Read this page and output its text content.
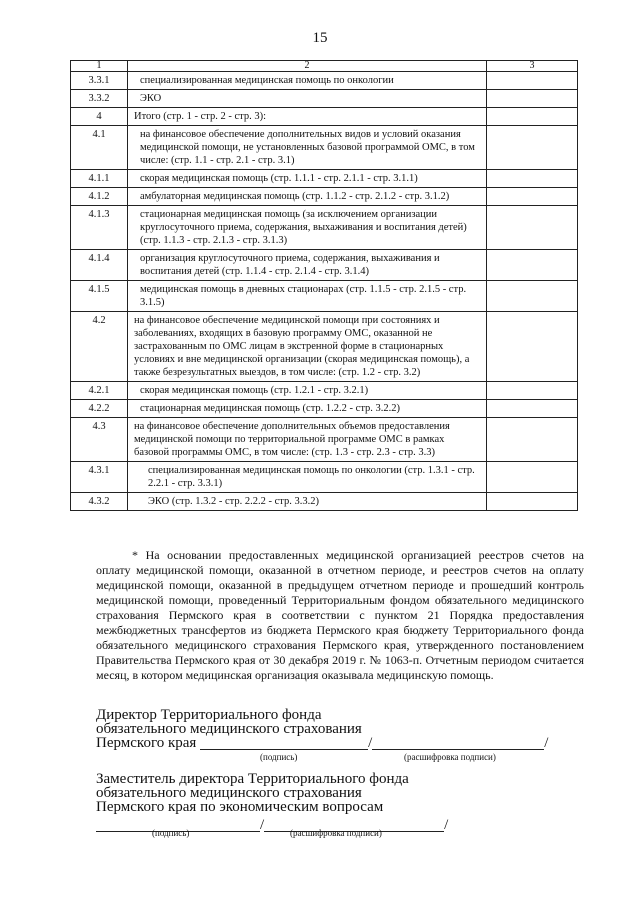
15
1	2	3
3.3.1	специализированная медицинская помощь по онкологии	
3.3.2	ЭКО	
4	Итого (стр. 1 - стр. 2 - стр. 3):	
4.1	на финансовое обеспечение дополнительных видов и условий оказания медицинской помощи, не установленных базовой программой ОМС, в том числе: (стр. 1.1 - стр. 2.1 - стр. 3.1)	
4.1.1	скорая медицинская помощь (стр. 1.1.1 - стр. 2.1.1 - стр. 3.1.1)	
4.1.2	амбулаторная медицинская помощь (стр. 1.1.2 - стр. 2.1.2 - стр. 3.1.2)	
4.1.3	стационарная медицинская помощь (за исключением организации круглосуточного приема, содержания, выхаживания и воспитания детей) (стр. 1.1.3 - стр. 2.1.3 - стр. 3.1.3)	
4.1.4	организация круглосуточного приема, содержания, выхаживания и воспитания детей (стр. 1.1.4 - стр. 2.1.4 - стр. 3.1.4)	
4.1.5	медицинская помощь в дневных стационарах (стр. 1.1.5 - стр. 2.1.5 - стр. 3.1.5)	
4.2	на финансовое обеспечение медицинской помощи при состояниях и заболеваниях, входящих в базовую программу ОМС, оказанной не застрахованным по ОМС лицам в экстренной форме в стационарных условиях и вне медицинской организации (скорая медицинская помощь), а также безрезультатных выездов, в том числе: (стр. 1.2 - стр. 3.2)	
4.2.1	скорая медицинская помощь (стр. 1.2.1 - стр. 3.2.1)	
4.2.2	стационарная медицинская помощь (стр. 1.2.2 - стр. 3.2.2)	
4.3	на финансовое обеспечение дополнительных объемов предоставления медицинской помощи по территориальной программе ОМС в рамках базовой программы ОМС, в том числе: (стр. 1.3 - стр. 2.3 - стр. 3.3)	
4.3.1	специализированная медицинская помощь по онкологии (стр. 1.3.1 - стр. 2.2.1 - стр. 3.3.1)	
4.3.2	ЭКО (стр. 1.3.2 - стр. 2.2.2 - стр. 3.3.2)	
* На основании предоставленных медицинской организацией реестров счетов на оплату медицинской помощи, оказанной в отчетном периоде, и реестров счетов на оплату медицинской помощи, оказанной в предыдущем отчетном периоде и прошедший контроль медицинской помощи, проведенный Территориальным фондом обязательного медицинского страхования Пермского края в соответствии с пунктом 21 Порядка предоставления межбюджетных трансфертов из бюджета Пермского края бюджету Территориального фонда обязательного медицинского страхования Пермского края, утвержденного постановлением Правительства Пермского края от 30 декабря 2019 г. № 1063-п. Отчетным периодом считается месяц, в котором медицинская организация оказывала медицинскую помощь.
Директор Территориального фонда
обязательного медицинского страхования
Пермского края	/	/
(подпись)	(расшифровка подписи)
Заместитель директора Территориального фонда
обязательного медицинского страхования
Пермского края по экономическим вопросам
/	/
(подпись)	(расшифровка подписи)
